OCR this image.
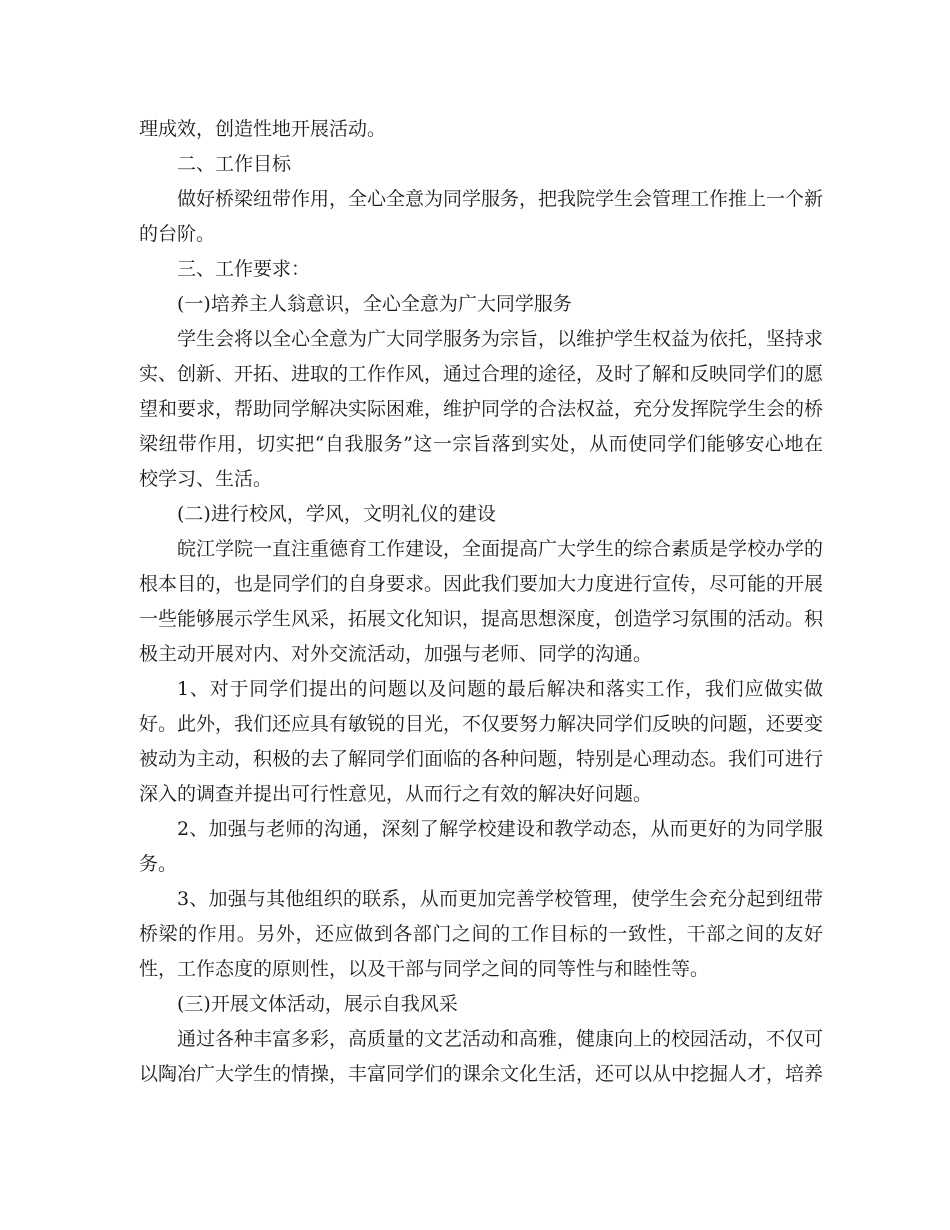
理成效，创造性地开展活动。

二、工作目标

做好桥梁纽带作用，全心全意为同学服务，把我院学生会管理工作推上一个新的台阶。

三、工作要求：

(一)培养主人翁意识，全心全意为广大同学服务

学生会将以全心全意为广大同学服务为宗旨，以维护学生权益为依托，坚持求实、创新、开拓、进取的工作作风，通过合理的途径，及时了解和反映同学们的愿望和要求，帮助同学解决实际困难，维护同学的合法权益，充分发挥院学生会的桥梁纽带作用，切实把“自我服务”这一宗旨落到实处，从而使同学们能够安心地在校学习、生活。

(二)进行校风，学风，文明礼仪的建设

皖江学院一直注重德育工作建设，全面提高广大学生的综合素质是学校办学的根本目的，也是同学们的自身要求。因此我们要加大力度进行宣传，尽可能的开展一些能够展示学生风采，拓展文化知识，提高思想深度，创造学习氛围的活动。积极主动开展对内、对外交流活动，加强与老师、同学的沟通。

1、对于同学们提出的问题以及问题的最后解决和落实工作，我们应做实做好。此外，我们还应具有敏锐的目光，不仅要努力解决同学们反映的问题，还要变被动为主动，积极的去了解同学们面临的各种问题，特别是心理动态。我们可进行深入的调查并提出可行性意见，从而行之有效的解决好问题。

2、加强与老师的沟通，深刻了解学校建设和教学动态，从而更好的为同学服务。

3、加强与其他组织的联系，从而更加完善学校管理，使学生会充分起到纽带桥梁的作用。另外，还应做到各部门之间的工作目标的一致性，干部之间的友好性，工作态度的原则性，以及干部与同学之间的同等性与和睦性等。

(三)开展文体活动，展示自我风采

通过各种丰富多彩，高质量的文艺活动和高雅，健康向上的校园活动，不仅可以陶冶广大学生的情操，丰富同学们的课余文化生活，还可以从中挖掘人才，培养
